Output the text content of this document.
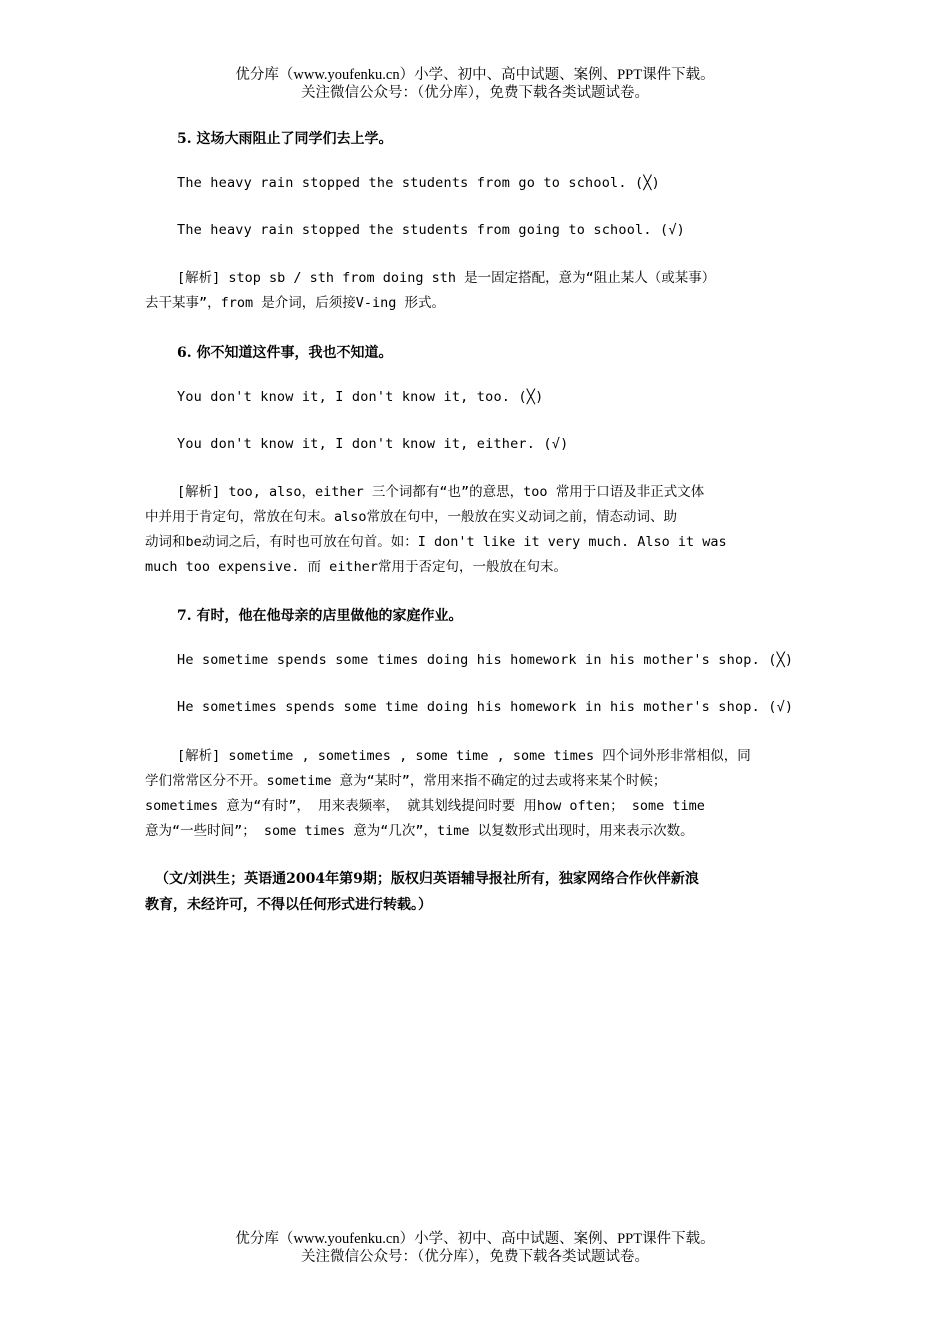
优分库（www.youfenku.cn）小学、初中、高中试题、案例、PPT课件下载。
关注微信公众号：（优分库），免费下载各类试题试卷。
5. 这场大雨阻止了同学们去上学。
The heavy rain stopped the students from go to school. (╳)
The heavy rain stopped the students from going to school. (√)
[解析] stop sb / sth from doing sth 是一固定搭配，意为“阻止某人（或某事）
去干某事”，from 是介词，后须接V-ing 形式。
6. 你不知道这件事，我也不知道。
You don't know it, I don't know it, too. (╳)
You don't know it, I don't know it, either. (√)
[解析] too, also，either 三个词都有“也”的意思，too 常用于口语及非正式文体
中并用于肯定句，常放在句末。also常放在句中，一般放在实义动词之前，情态动词、助
动词和be动词之后，有时也可放在句首。如：I don't like it very much. Also it was
much too expensive. 而 either常用于否定句，一般放在句末。
7. 有时，他在他母亲的店里做他的家庭作业。
He sometime spends some times doing his homework in his mother's shop. (╳)
He sometimes spends some time doing his homework in his mother's shop. (√)
[解析] sometime , sometimes , some time , some times 四个词外形非常相似，同
学们常常区分不开。sometime 意为“某时”，常用来指不确定的过去或将来某个时候；
sometimes 意为“有时”， 用来表频率， 就其划线提问时要 用how often； some time
意为“一些时间”； some times 意为“几次”，time 以复数形式出现时，用来表示次数。
（文/刘洪生；英语通2004年第9期；版权归英语辅导报社所有，独家网络合作伙伴新浪
教育，未经许可，不得以任何形式进行转载。）
优分库（www.youfenku.cn）小学、初中、高中试题、案例、PPT课件下载。
关注微信公众号：（优分库），免费下载各类试题试卷。
